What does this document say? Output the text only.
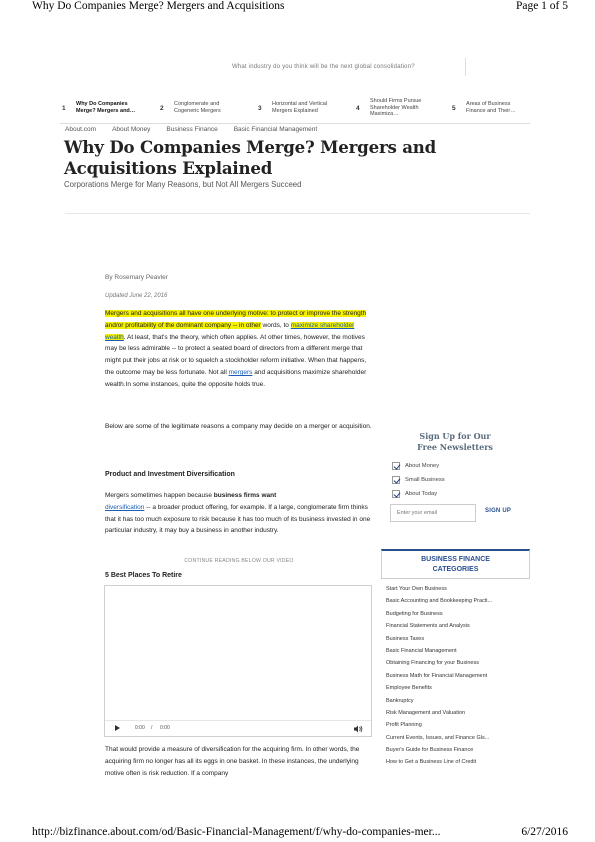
Why Do Companies Merge? Mergers and Acquisitions	Page 1 of 5
What industry do you think will be the next global consolidation?
1
Why Do Companies Merge? Mergers and…	2
Conglomerate and Cogeneric Mergers	3
Horizontal and Vertical Mergers Explained	4
Should Firms Pursue Shareholder Wealth Maximiza…
5
Areas of Business Finance and Their…
About.com About Money Business Finance Basic Financial Management
Why Do Companies Merge? Mergers and Acquisitions Explained
Corporations Merge for Many Reasons, but Not All Mergers Succeed
By Rosemary Peavler
Updated June 22, 2016

Mergers and acquisitions all have one underlying motive: to protect or improve the strength and/or profitability of the dominant company -- in other words, to maximize shareholder wealth. At least, that's the theory, which often applies. At other times, however, the motives may be less admirable -- to protect a seated board of directors from a different merge that might put their jobs at risk or to squelch a stockholder reform initiative. When that happens, the outcome may be less fortunate. Not all mergers and acquisitions maximize shareholder wealth.In some instances, quite the opposite holds true.

Below are some of the legitimate reasons a company may decide on a merger or acquisition.

Product and Investment Diversification

Mergers sometimes happen because business firms want
diversification -- a broader product offering, for example. If a large, conglomerate firm thinks that it has too much exposure to risk because it has too much of its business invested in one particular industry, it may buy a business in another industry.

CONTINUE READING BELOW OUR VIDEO
5 Best Places To Retire
0:00 / 0:00

That would provide a measure of diversification for the acquiring firm. In other words, the acquiring firm no longer has all its eggs in one basket. In these instances, the underlying motive often is risk reduction. If a company

Sign Up for Our
Free Newsletters
About Money
Small Business
About Today
Enter your email
SIGN UP
BUSINESS FINANCE
CATEGORIES
Start Your Own Business
Basic Accounting and Bookkeeping Practi...
Budgeting for Business
Financial Statements and Analysis
Business Taxes
Basic Financial Management
Obtaining Financing for your Business
Business Math for Financial Management
Employee Benefits
Bankruptcy
Risk Management and Valuation
Profit Planning
Current Events, Issues, and Finance Gls...
Buyer's Guide for Business Finance
How to Get a Business Line of Credit
http://bizfinance.about.com/od/Basic-Financial-Management/f/why-do-companies-mer...	6/27/2016
